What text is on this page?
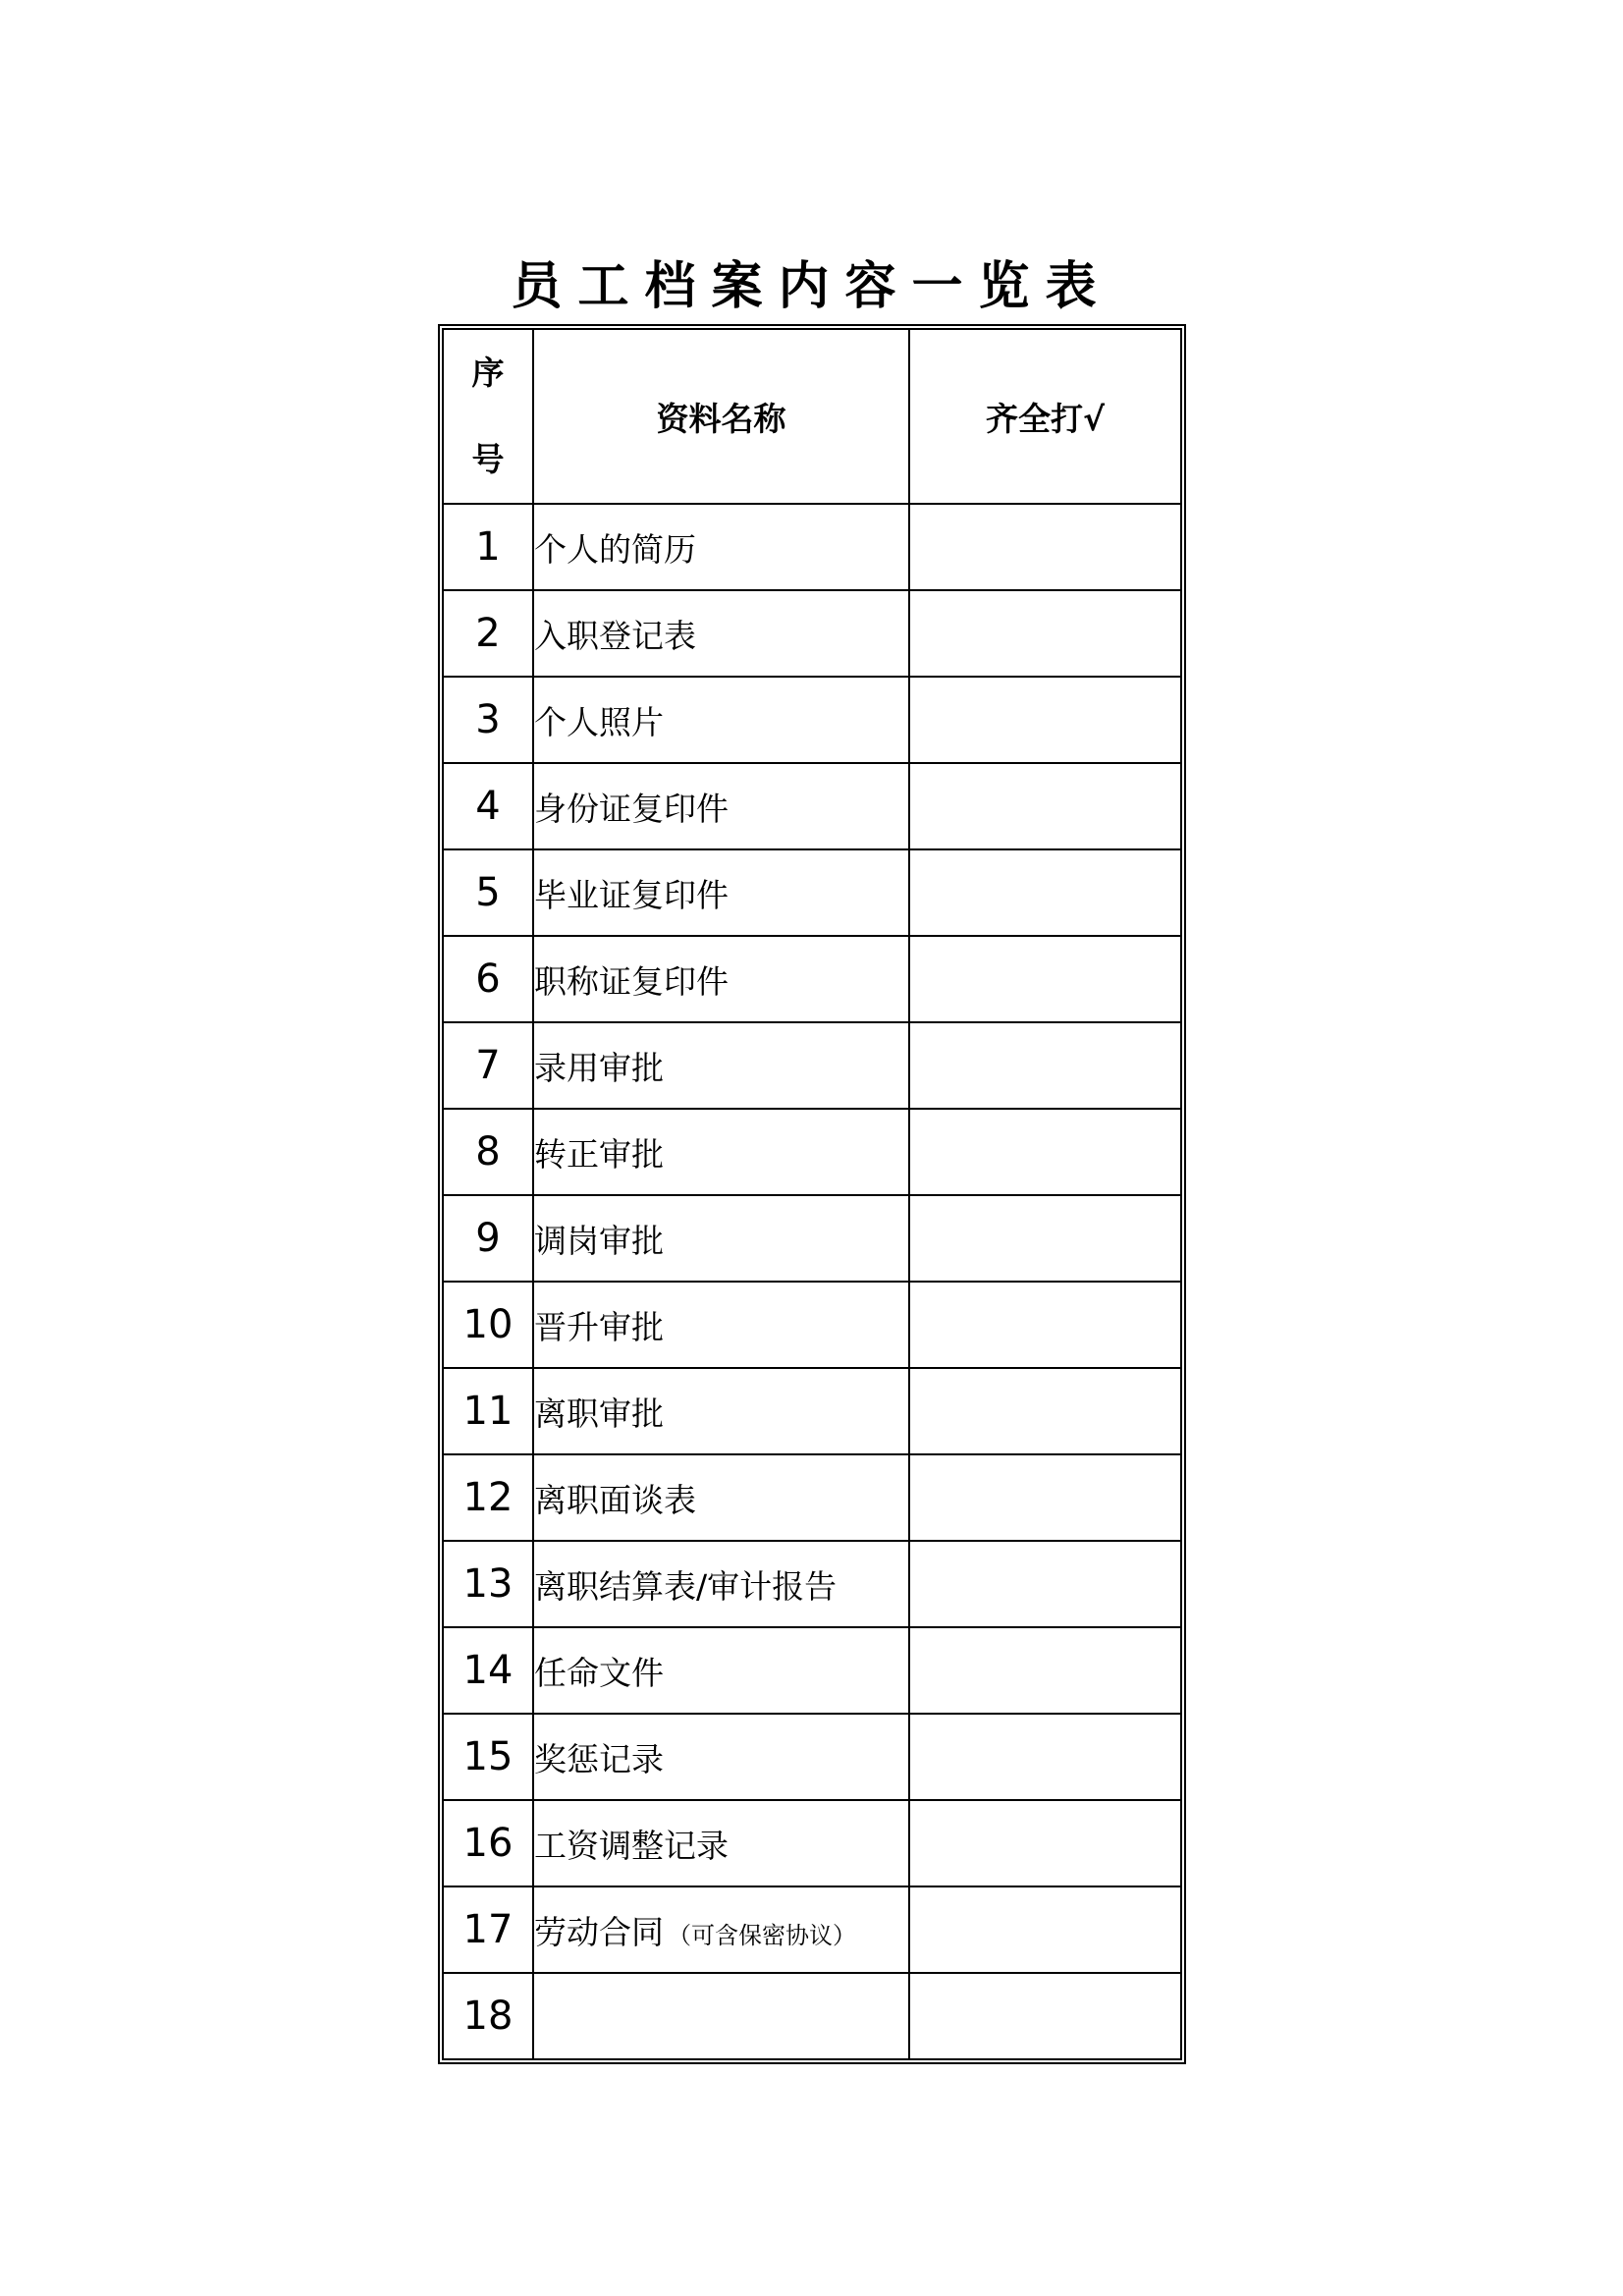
员工档案内容一览表
序
号	资料名称	齐全打√
1	个人的简历	
2	入职登记表	
3	个人照片	
4	身份证复印件	
5	毕业证复印件	
6	职称证复印件	
7	录用审批	
8	转正审批	
9	调岗审批	
10	晋升审批	
11	离职审批	
12	离职面谈表	
13	离职结算表/审计报告	
14	任命文件	
15	奖惩记录	
16	工资调整记录	
17	劳动合同 （可含保密协议）	
18		
